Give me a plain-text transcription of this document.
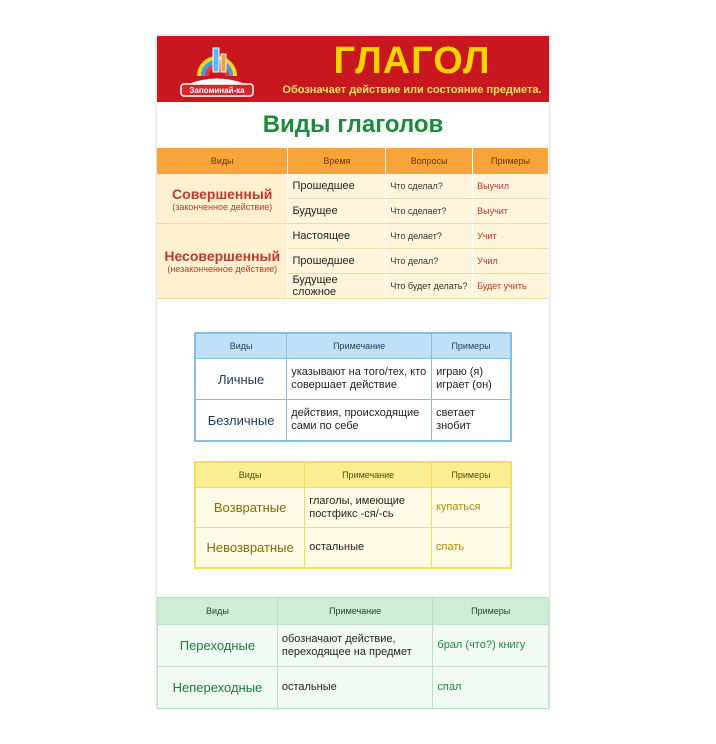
Запоминай-ка
ГЛАГОЛ
Обозначает действие или состояние предмета.
Виды глаголов
Виды	Время	Вопросы	Примеры

Совершенный
(законченное действие)	Прошедшее	Что сделал?	Выучил
	Будущее	Что сделает?	Выучит

Несовершенный
(незаконченное действие)	Настоящее	Что делает?	Учит
	Прошедшее	Что делал?	Учил
	Будущее сложное	Что будет делать?	Будет учить
Виды	Примечание	Примеры
Личные	указывают на того/тех, кто совершает действие	играю (я) играет (он)
Безличные	действия, происходящие сами по себе	светает знобит
Виды	Примечание	Примеры
Возвратные	глаголы, имеющие постфикс -ся/-сь	купаться
Невозвратные	остальные	спать
Виды	Примечание	Примеры
Переходные	обозначают действие, переходящее на предмет	брал (что?) книгу
Непереходные	остальные	спал
